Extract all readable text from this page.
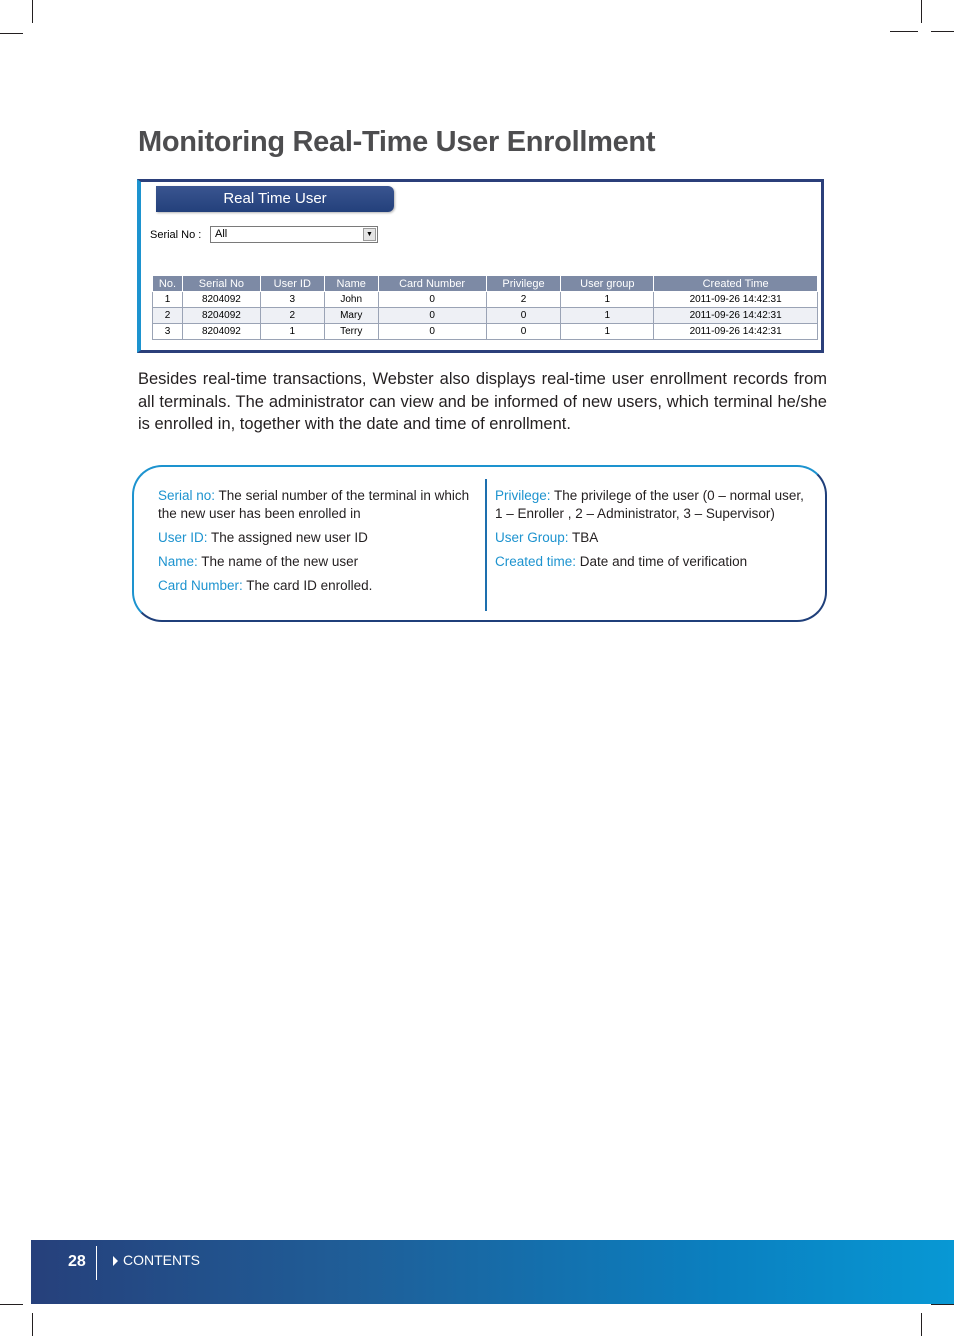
Monitoring Real-Time User Enrollment
Real Time User
Serial No : All	▼
No.	Serial No	User ID	Name	Card Number	Privilege	User group	Created Time
1	8204092	3	John	0	2	1	2011-09-26 14:42:31
2	8204092	2	Mary	0	0	1	2011-09-26 14:42:31
3	8204092	1	Terry	0	0	1	2011-09-26 14:42:31

Besides real-time transactions, Webster also displays real-time user enrollment records from all terminals. The administrator can view and be informed of new users, which terminal he/she is enrolled in, together with the date and time of enrollment.

Serial no: The serial number of the terminal in which the new user has been enrolled in

User ID: The assigned new user ID

Name: The name of the new user

Card Number: The card ID enrolled.

Privilege: The privilege of the user (0 – normal user, 1 – Enroller , 2 – Administrator, 3 – Supervisor)

User Group: TBA

Created time: Date and time of verification

28	CONTENTS
